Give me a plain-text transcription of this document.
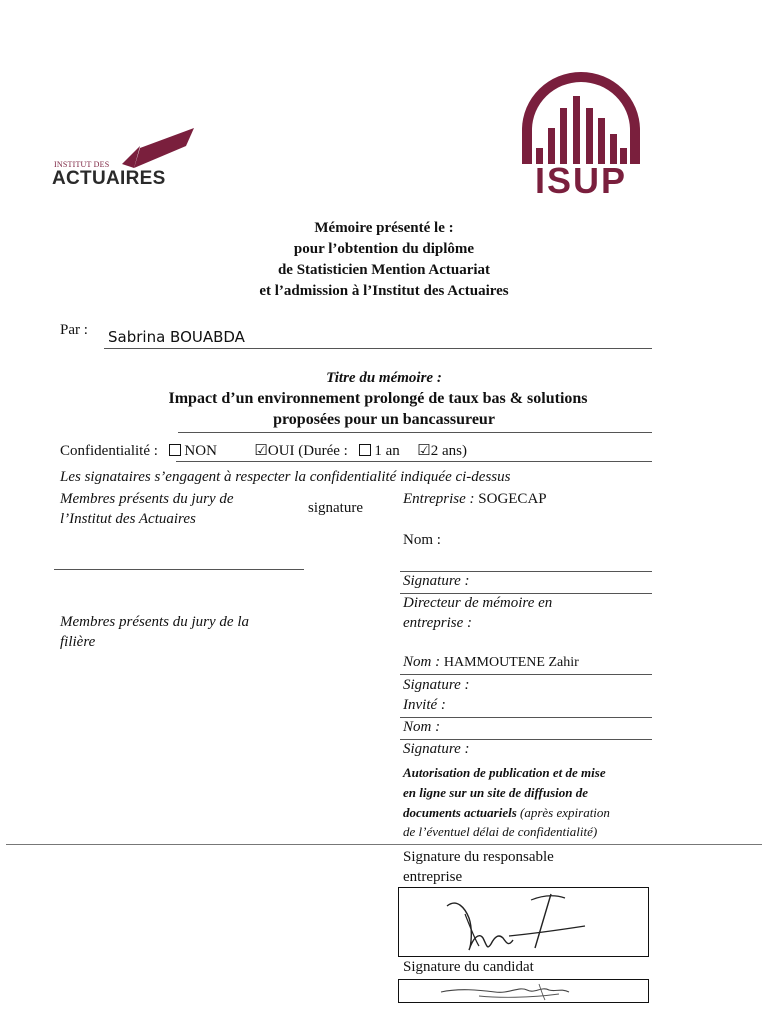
INSTITUT DES
ACTUAIRES	ISUP
Mémoire présenté le :
pour l’obtention du diplôme
de Statisticien Mention Actuariat
et l’admission à l’Institut des Actuaires
Par : Sabrina BOUABDA
Titre du mémoire :
Impact d’un environnement prolongé de taux bas & solutions
proposées pour un bancassureur
Confidentialité : NON	☑OUI (Durée : 1 an ☑2 ans)
Les signataires s’engagent à respecter la confidentialité indiquée ci-dessus
Membres présents du jury de
l’Institut des Actuaires
signature
Membres présents du jury de la
filière
Entreprise : SOGECAP
Nom :
Signature :
Directeur de mémoire en
entreprise :
Nom : HAMMOUTENE Zahir
Signature :
Invité :
Nom :
Signature :
Autorisation de publication et de mise
en ligne sur un site de diffusion de
documents actuariels (après expiration
de l’éventuel délai de confidentialité)
Signature du responsable
entreprise
Signature du candidat
